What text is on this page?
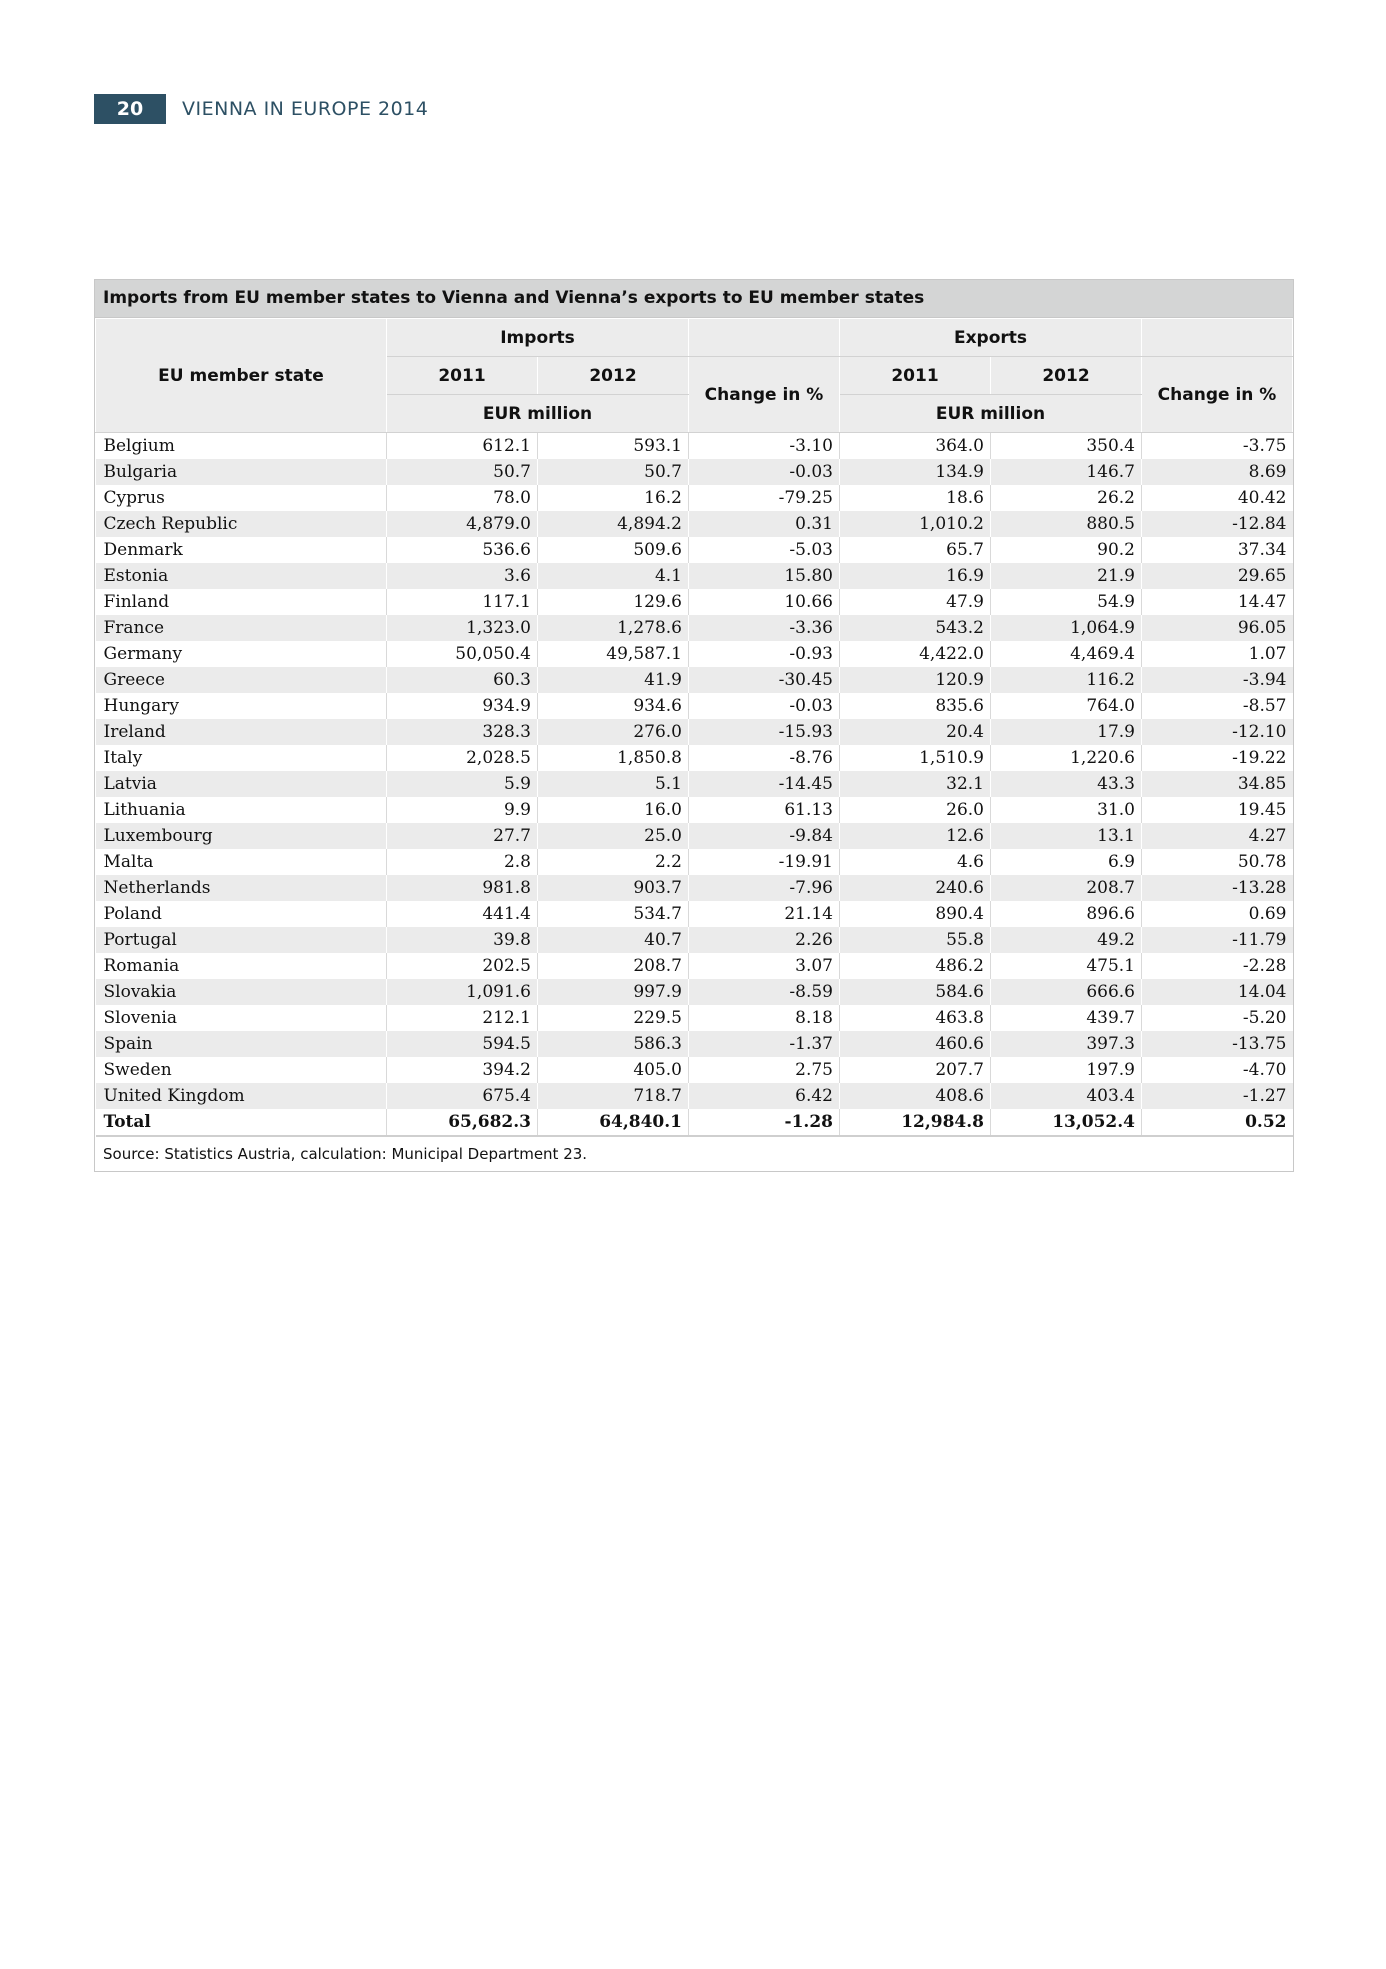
20	VIENNA IN EUROPE 2014
Imports from EU member states to Vienna and Vienna’s exports to EU member states
EU member state	Imports			Exports		
	2011	2012	Change in %	2011	2012	Change in %
	EUR million			EUR million		
Belgium	612.1	593.1	-3.10	364.0	350.4	-3.75
Bulgaria	50.7	50.7	-0.03	134.9	146.7	8.69
Cyprus	78.0	16.2	-79.25	18.6	26.2	40.42
Czech Republic	4,879.0	4,894.2	0.31	1,010.2	880.5	-12.84
Denmark	536.6	509.6	-5.03	65.7	90.2	37.34
Estonia	3.6	4.1	15.80	16.9	21.9	29.65
Finland	117.1	129.6	10.66	47.9	54.9	14.47
France	1,323.0	1,278.6	-3.36	543.2	1,064.9	96.05
Germany	50,050.4	49,587.1	-0.93	4,422.0	4,469.4	1.07
Greece	60.3	41.9	-30.45	120.9	116.2	-3.94
Hungary	934.9	934.6	-0.03	835.6	764.0	-8.57
Ireland	328.3	276.0	-15.93	20.4	17.9	-12.10
Italy	2,028.5	1,850.8	-8.76	1,510.9	1,220.6	-19.22
Latvia	5.9	5.1	-14.45	32.1	43.3	34.85
Lithuania	9.9	16.0	61.13	26.0	31.0	19.45
Luxembourg	27.7	25.0	-9.84	12.6	13.1	4.27
Malta	2.8	2.2	-19.91	4.6	6.9	50.78
Netherlands	981.8	903.7	-7.96	240.6	208.7	-13.28
Poland	441.4	534.7	21.14	890.4	896.6	0.69
Portugal	39.8	40.7	2.26	55.8	49.2	-11.79
Romania	202.5	208.7	3.07	486.2	475.1	-2.28
Slovakia	1,091.6	997.9	-8.59	584.6	666.6	14.04
Slovenia	212.1	229.5	8.18	463.8	439.7	-5.20
Spain	594.5	586.3	-1.37	460.6	397.3	-13.75
Sweden	394.2	405.0	2.75	207.7	197.9	-4.70
United Kingdom	675.4	718.7	6.42	408.6	403.4	-1.27
Total	65,682.3	64,840.1	-1.28	12,984.8	13,052.4	0.52
Source: Statistics Austria, calculation: Municipal Department 23.
